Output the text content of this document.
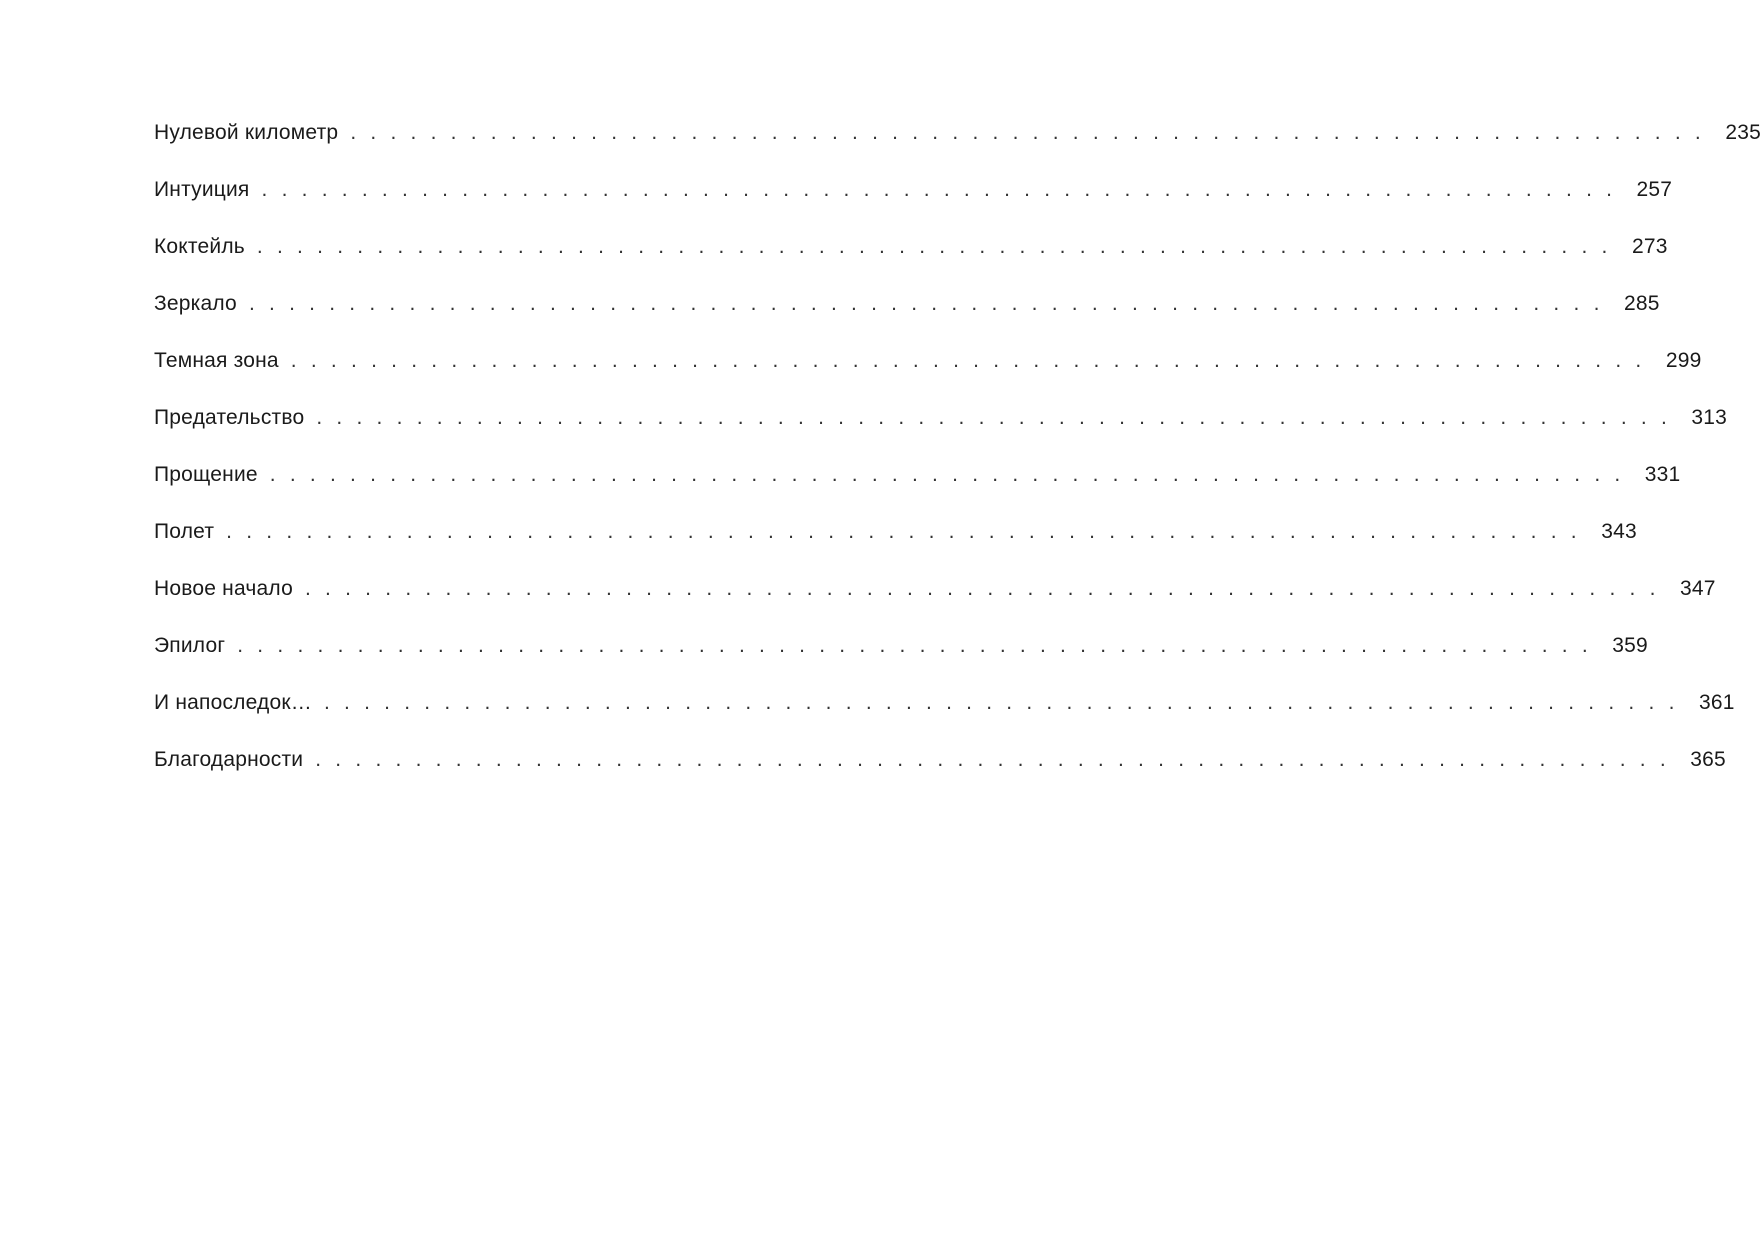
Нулевой километр . . . . . . . . . . . . . . . . . . . . . . . . . . . . . . . . . . . . . . . . . . . . . . . . . . . . . . . . . . . . . . . . . . . . 235
Интуиция . . . . . . . . . . . . . . . . . . . . . . . . . . . . . . . . . . . . . . . . . . . . . . . . . . . . . . . . . . . . . . . . . . . . 257
Коктейль . . . . . . . . . . . . . . . . . . . . . . . . . . . . . . . . . . . . . . . . . . . . . . . . . . . . . . . . . . . . . . . . . . . . 273
Зеркало . . . . . . . . . . . . . . . . . . . . . . . . . . . . . . . . . . . . . . . . . . . . . . . . . . . . . . . . . . . . . . . . . . . . 285
Темная зона . . . . . . . . . . . . . . . . . . . . . . . . . . . . . . . . . . . . . . . . . . . . . . . . . . . . . . . . . . . . . . . . . . . . 299
Предательство . . . . . . . . . . . . . . . . . . . . . . . . . . . . . . . . . . . . . . . . . . . . . . . . . . . . . . . . . . . . . . . . . . . . 313
Прощение . . . . . . . . . . . . . . . . . . . . . . . . . . . . . . . . . . . . . . . . . . . . . . . . . . . . . . . . . . . . . . . . . . . . 331
Полет . . . . . . . . . . . . . . . . . . . . . . . . . . . . . . . . . . . . . . . . . . . . . . . . . . . . . . . . . . . . . . . . . . . . 343
Новое начало . . . . . . . . . . . . . . . . . . . . . . . . . . . . . . . . . . . . . . . . . . . . . . . . . . . . . . . . . . . . . . . . . . . . 347
Эпилог . . . . . . . . . . . . . . . . . . . . . . . . . . . . . . . . . . . . . . . . . . . . . . . . . . . . . . . . . . . . . . . . . . . . 359
И напоследок… . . . . . . . . . . . . . . . . . . . . . . . . . . . . . . . . . . . . . . . . . . . . . . . . . . . . . . . . . . . . . . . . . . . . 361
Благодарности . . . . . . . . . . . . . . . . . . . . . . . . . . . . . . . . . . . . . . . . . . . . . . . . . . . . . . . . . . . . . . . . . . . . 365
